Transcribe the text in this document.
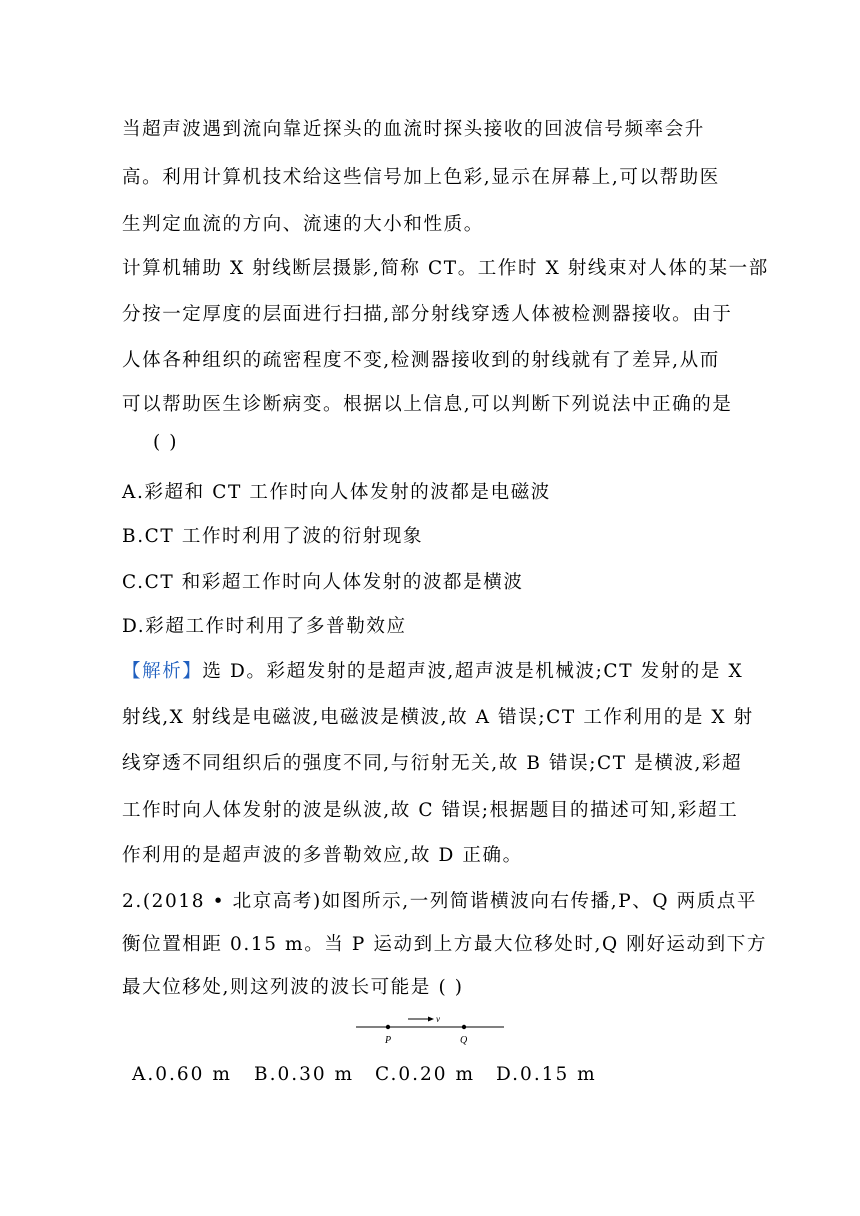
当超声波遇到流向靠近探头的血流时探头接收的回波信号频率会升
高。利用计算机技术给这些信号加上色彩,显示在屏幕上,可以帮助医
生判定血流的方向、流速的大小和性质。
计算机辅助 X 射线断层摄影,简称 CT。工作时 X 射线束对人体的某一部
分按一定厚度的层面进行扫描,部分射线穿透人体被检测器接收。由于
人体各种组织的疏密程度不变,检测器接收到的射线就有了差异,从而
可以帮助医生诊断病变。根据以上信息,可以判断下列说法中正确的是
( )
A.彩超和 CT 工作时向人体发射的波都是电磁波
B.CT 工作时利用了波的衍射现象
C.CT 和彩超工作时向人体发射的波都是横波
D.彩超工作时利用了多普勒效应
【解析】选 D。彩超发射的是超声波,超声波是机械波;CT 发射的是 X
射线,X 射线是电磁波,电磁波是横波,故 A 错误;CT 工作利用的是 X 射
线穿透不同组织后的强度不同,与衍射无关,故 B 错误;CT 是横波,彩超
工作时向人体发射的波是纵波,故 C 错误;根据题目的描述可知,彩超工
作利用的是超声波的多普勒效应,故 D 正确。
2.(2018 • 北京高考)如图所示,一列简谐横波向右传播,P、Q 两质点平
衡位置相距 0.15 m。当 P 运动到上方最大位移处时,Q 刚好运动到下方
最大位移处,则这列波的波长可能是 ( )
v
P	Q
A.0.60 m B.0.30 m C.0.20 m D.0.15 m
